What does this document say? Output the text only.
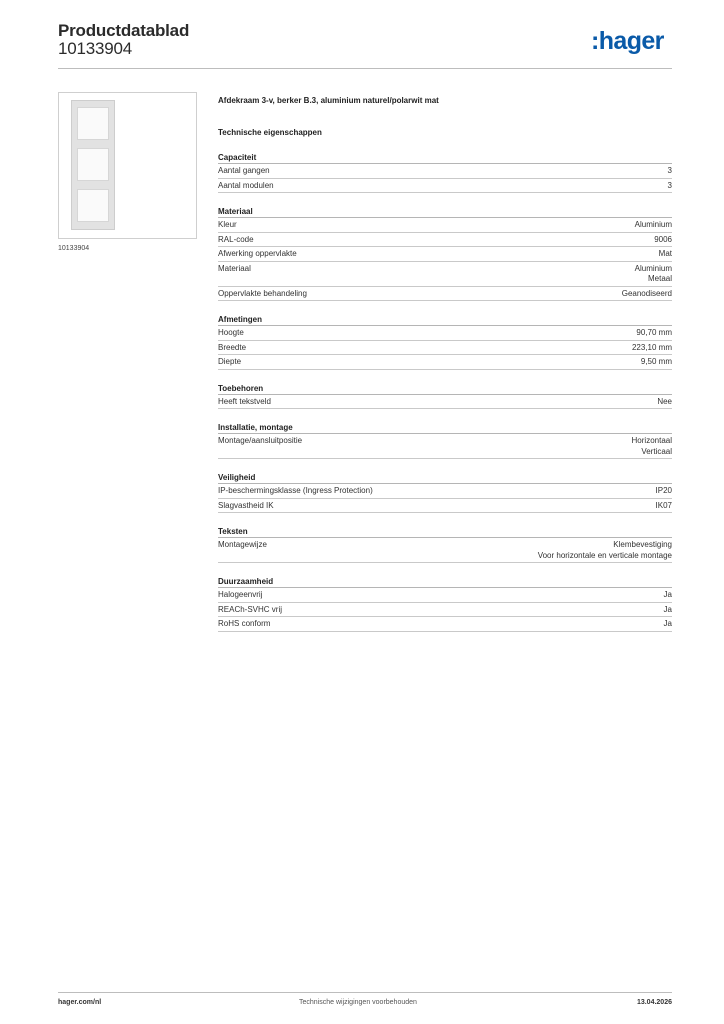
Productdatablad
10133904	:hager
10133904
Afdekraam 3-v, berker B.3, aluminium naturel/polarwit mat
Technische eigenschappen
Capaciteit
Aantal gangen	3
Aantal modulen	3
Materiaal
Kleur	Aluminium
RAL-code	9006
Afwerking oppervlakte	Mat
Materiaal	Aluminium
Metaal
Oppervlakte behandeling	Geanodiseerd
Afmetingen
Hoogte	90,70 mm
Breedte	223,10 mm
Diepte	9,50 mm
Toebehoren
Heeft tekstveld	Nee
Installatie, montage
Montage/aansluitpositie	Horizontaal
Verticaal
Veiligheid
IP-beschermingsklasse (Ingress Protection)	IP20
Slagvastheid IK	IK07
Teksten
Montagewijze	Klembevestiging
Voor horizontale en verticale montage
Duurzaamheid
Halogeenvrij	Ja
REACh-SVHC vrij	Ja
RoHS conform	Ja
hager.com/nl	Technische wijzigingen voorbehouden	13.04.2026
